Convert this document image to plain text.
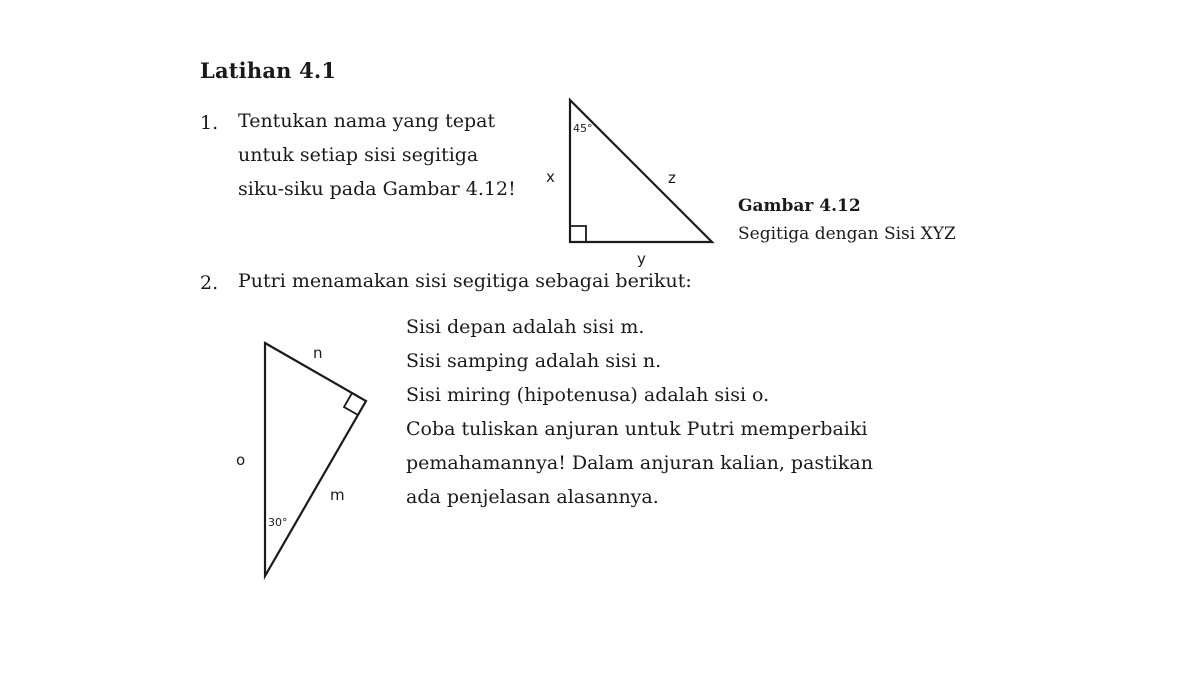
Latihan 4.1
1. Tentukan nama yang tepat
untuk setiap sisi segitiga
siku-siku pada Gambar 4.12!
Gambar 4.12
Segitiga dengan Sisi XYZ
2. Putri menamakan sisi segitiga sebagai berikut:
Sisi depan adalah sisi m.
Sisi samping adalah sisi n.
Sisi miring (hipotenusa) adalah sisi o.
Coba tuliskan anjuran untuk Putri memperbaiki
pemahamannya! Dalam anjuran kalian, pastikan
ada penjelasan alasannya.
45°
x	z
y
30°
n
o
m
